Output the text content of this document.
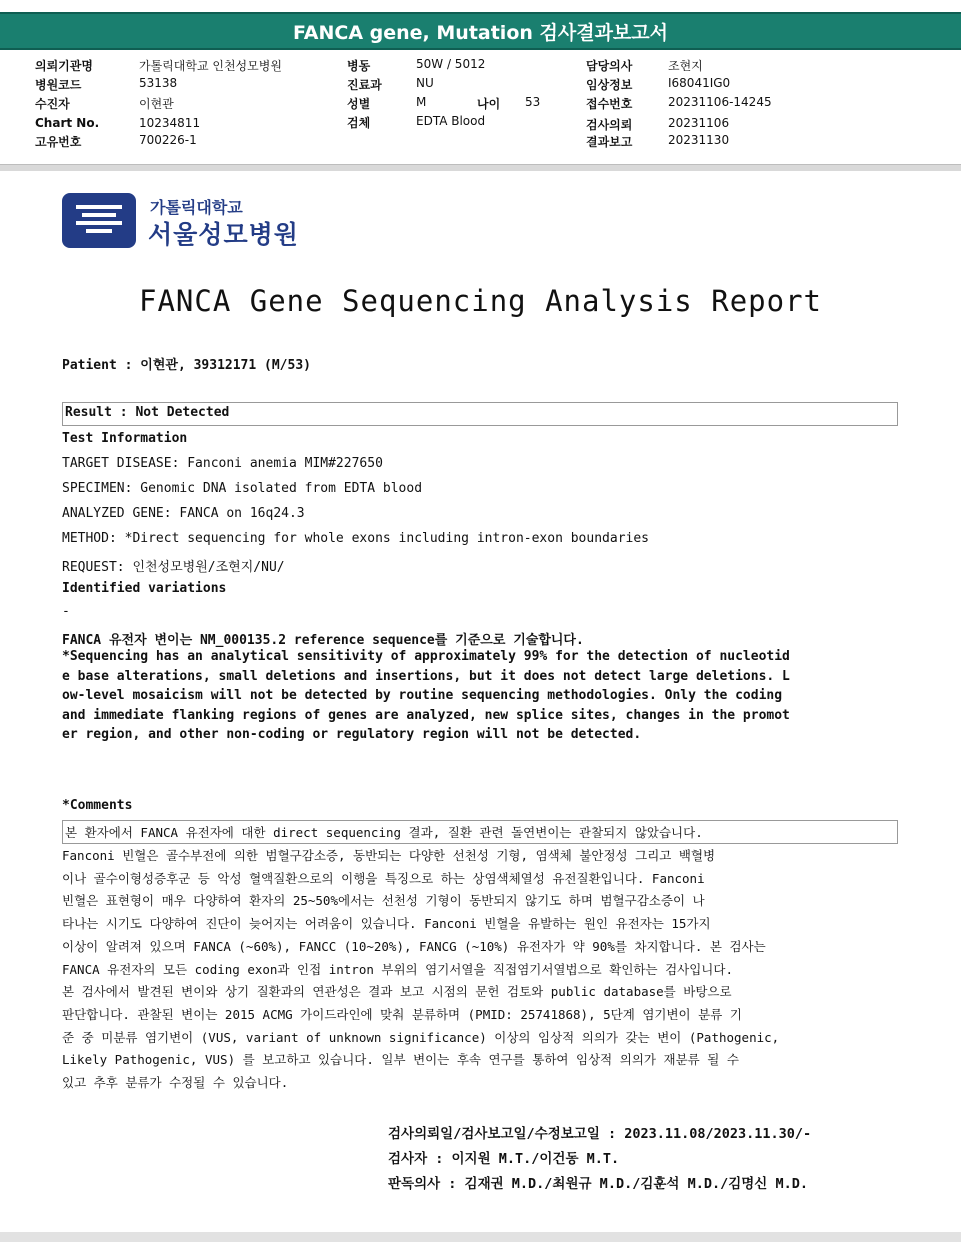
FANCA gene, Mutation 검사결과보고서
의뢰기관명	가톨릭대학교 인천성모병원
병원코드	53138
수진자	이현관
Chart No.	10234811
고유번호	700226-1
병동	50W / 5012
진료과	NU
성별	M	나이 53
검체	EDTA Blood
담당의사	조현지
임상정보	I68041IG0
접수번호	20231106-14245
검사의뢰	20231106
결과보고	20231130
가톨릭대학교
서울성모병원
FANCA Gene Sequencing Analysis Report
Patient : 이현관, 39312171 (M/53)
Result : Not Detected
Test Information
TARGET DISEASE: Fanconi anemia MIM#227650
SPECIMEN: Genomic DNA isolated from EDTA blood
ANALYZED GENE: FANCA on 16q24.3
METHOD: *Direct sequencing for whole exons including intron-exon boundaries
REQUEST: 인천성모병원/조현지/NU/
Identified variations
-
FANCA 유전자 변이는 NM_000135.2 reference sequence를 기준으로 기술합니다.
*Sequencing has an analytical sensitivity of approximately 99% for the detection of nucleotid
e base alterations, small deletions and insertions, but it does not detect large deletions. L
ow-level mosaicism will not be detected by routine sequencing methodologies. Only the coding
and immediate flanking regions of genes are analyzed, new splice sites, changes in the promot
er region, and other non-coding or regulatory region will not be detected.
*Comments
본 환자에서 FANCA 유전자에 대한 direct sequencing 결과, 질환 관련 돌연변이는 관찰되지 않았습니다.
Fanconi 빈혈은 골수부전에 의한 범혈구감소증, 동반되는 다양한 선천성 기형, 염색체 불안정성 그리고 백혈병
이나 골수이형성증후군 등 악성 혈액질환으로의 이행을 특징으로 하는 상염색체열성 유전질환입니다. Fanconi
빈혈은 표현형이 매우 다양하여 환자의 25~50%에서는 선천성 기형이 동반되지 않기도 하며 범혈구감소증이 나
타나는 시기도 다양하여 진단이 늦어지는 어려움이 있습니다. Fanconi 빈혈을 유발하는 원인 유전자는 15가지
이상이 알려져 있으며 FANCA (~60%), FANCC (10~20%), FANCG (~10%) 유전자가 약 90%를 차지합니다. 본 검사는
FANCA 유전자의 모든 coding exon과 인접 intron 부위의 염기서열을 직접염기서열법으로 확인하는 검사입니다.
본 검사에서 발견된 변이와 상기 질환과의 연관성은 결과 보고 시점의 문헌 검토와 public database를 바탕으로
판단합니다. 관찰된 변이는 2015 ACMG 가이드라인에 맞춰 분류하며 (PMID: 25741868), 5단계 염기변이 분류 기
준 중 미분류 염기변이 (VUS, variant of unknown significance) 이상의 임상적 의의가 갖는 변이 (Pathogenic,
Likely Pathogenic, VUS) 를 보고하고 있습니다. 일부 변이는 후속 연구를 통하여 임상적 의의가 재분류 될 수
있고 추후 분류가 수정될 수 있습니다.
검사의뢰일/검사보고일/수정보고일 : 2023.11.08/2023.11.30/-
검사자 : 이지원 M.T./이건동 M.T.
판독의사 : 김재권 M.D./최원규 M.D./김훈석 M.D./김명신 M.D.
